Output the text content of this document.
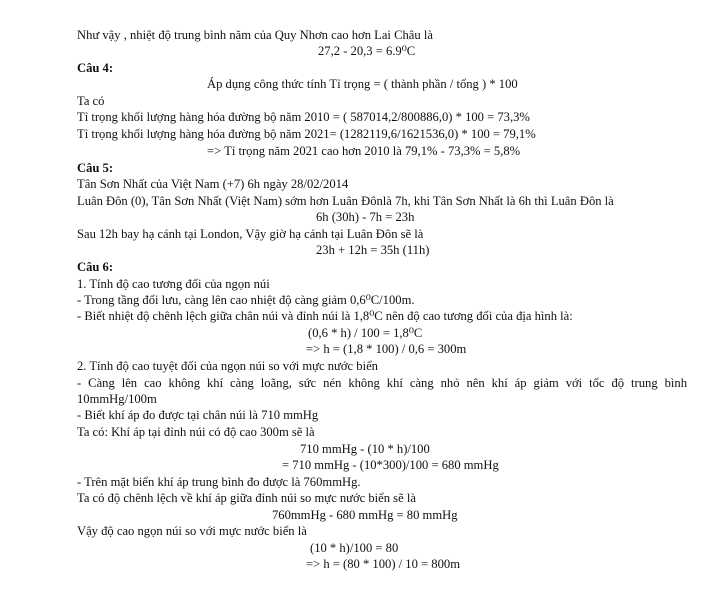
Như vậy , nhiệt độ trung bình năm của Quy Nhơn cao hơn Lai Châu là
27,2 - 20,3 = 6.9⁰C
Câu 4:
Áp dụng công thức tính Tỉ trọng = ( thành phần / tổng ) * 100
Ta có
Tỉ trọng khối lượng hàng hóa đường bộ năm 2010 = ( 587014,2/800886,0) * 100 = 73,3%
Tỉ trọng khối lượng hàng hóa đường bộ năm 2021= (1282119,6/1621536,0) * 100 = 79,1%
=> Tỉ trọng năm 2021 cao hơn 2010 là 79,1% - 73,3% = 5,8%
Câu 5:
Tân Sơn Nhất của Việt Nam (+7) 6h ngày 28/02/2014
Luân Đôn (0), Tân Sơn Nhất (Việt Nam) sớm hơn Luân Đônlà 7h, khi Tân Sơn Nhất là 6h thì Luân Đôn là
6h (30h) - 7h = 23h
Sau 12h bay hạ cánh tại London, Vậy giờ hạ cánh tại Luân Đôn sẽ là
23h + 12h = 35h (11h)
Câu 6:
1. Tính độ cao tương đối của ngọn núi
- Trong tầng đối lưu, càng lên cao nhiệt độ càng giảm 0,6⁰C/100m.
- Biết nhiệt độ chênh lệch giữa chân núi và đỉnh núi là 1,8⁰C nên độ cao tương đối của địa hình là:
(0,6 * h) / 100 = 1,8⁰C
=> h = (1,8 * 100) / 0,6 = 300m
2. Tính độ cao tuyệt đối của ngọn núi so với mực nước biển
- Càng lên cao không khí càng loãng, sức nén không khí càng nhỏ nên khí áp giảm với tốc độ trung bình
10mmHg/100m
- Biết khí áp đo được tại chân núi là 710 mmHg
Ta có: Khí áp tại đỉnh núi có độ cao 300m sẽ là
710 mmHg - (10 * h)/100
= 710 mmHg - (10*300)/100 = 680 mmHg
- Trên mặt biển khí áp trung bình đo được là 760mmHg.
Ta có độ chênh lệch về khí áp giữa đỉnh núi so mực nước biển sẽ là
760mmHg - 680 mmHg = 80 mmHg
Vậy độ cao ngọn núi so với mực nước biển là
(10 * h)/100 = 80
=> h = (80 * 100) / 10 = 800m
